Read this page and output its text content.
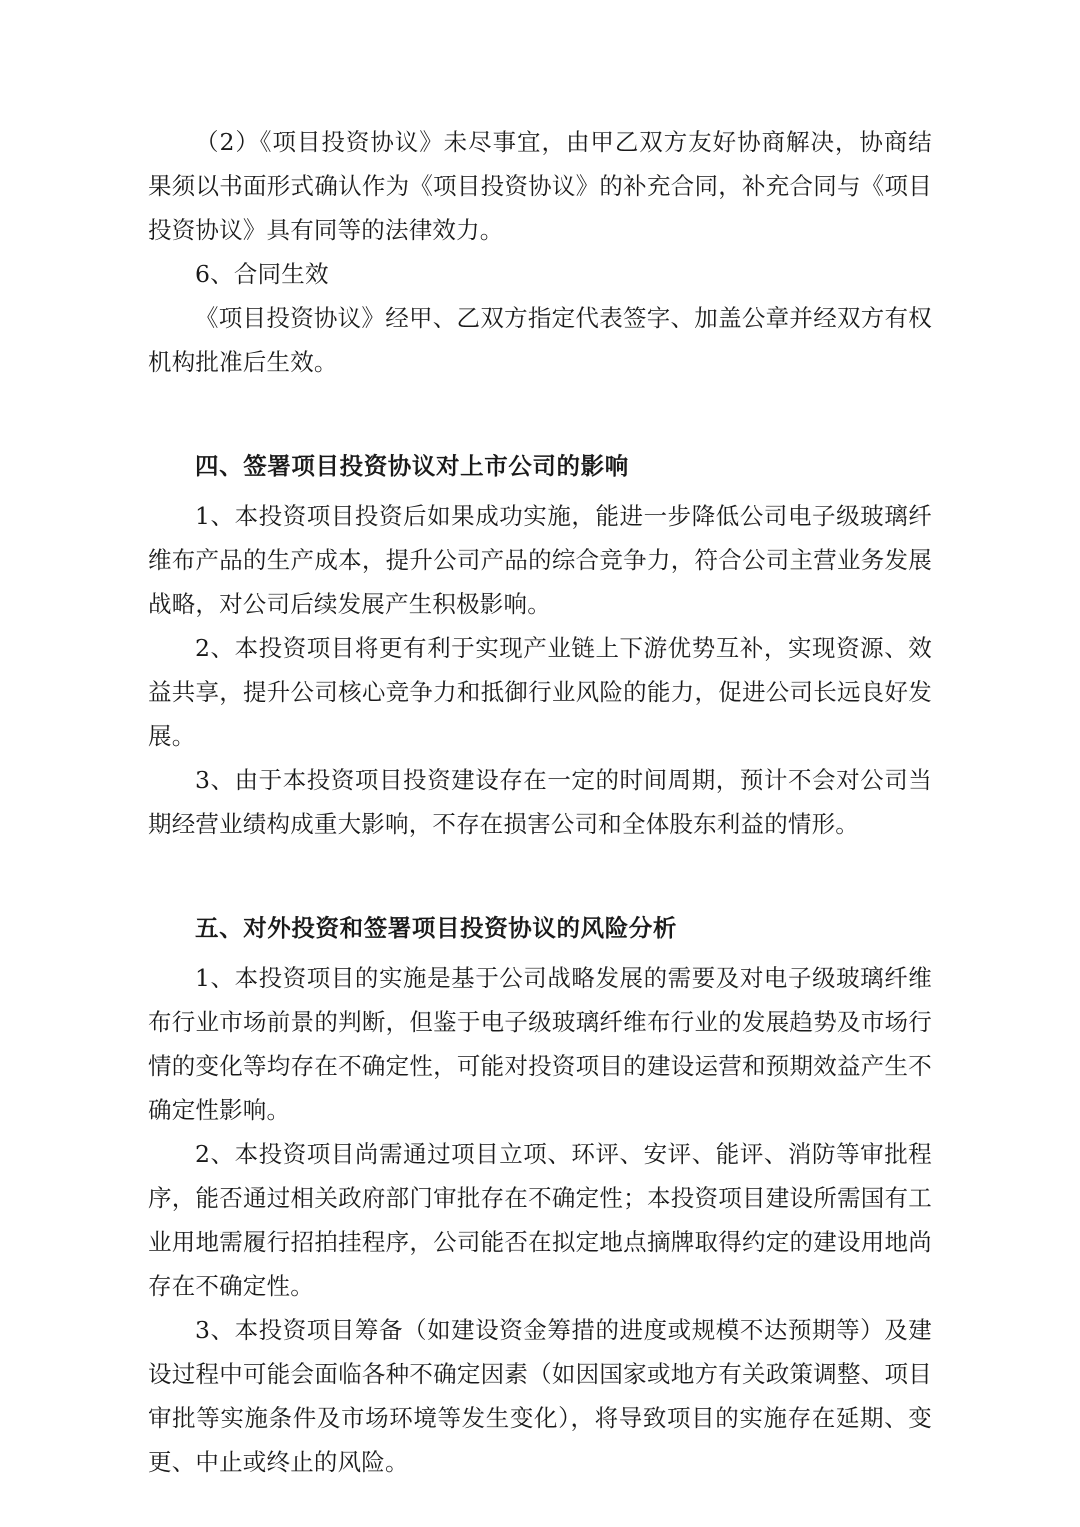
（2）《项目投资协议》未尽事宜，由甲乙双方友好协商解决，协商结果须以书面形式确认作为《项目投资协议》的补充合同，补充合同与《项目投资协议》具有同等的法律效力。
6、合同生效
《项目投资协议》经甲、乙双方指定代表签字、加盖公章并经双方有权机构批准后生效。
四、签署项目投资协议对上市公司的影响
1、本投资项目投资后如果成功实施，能进一步降低公司电子级玻璃纤维布产品的生产成本，提升公司产品的综合竞争力，符合公司主营业务发展战略，对公司后续发展产生积极影响。
2、本投资项目将更有利于实现产业链上下游优势互补，实现资源、效益共享，提升公司核心竞争力和抵御行业风险的能力，促进公司长远良好发展。
3、由于本投资项目投资建设存在一定的时间周期，预计不会对公司当期经营业绩构成重大影响，不存在损害公司和全体股东利益的情形。
五、对外投资和签署项目投资协议的风险分析
1、本投资项目的实施是基于公司战略发展的需要及对电子级玻璃纤维布行业市场前景的判断，但鉴于电子级玻璃纤维布行业的发展趋势及市场行情的变化等均存在不确定性，可能对投资项目的建设运营和预期效益产生不确定性影响。
2、本投资项目尚需通过项目立项、环评、安评、能评、消防等审批程序，能否通过相关政府部门审批存在不确定性；本投资项目建设所需国有工业用地需履行招拍挂程序，公司能否在拟定地点摘牌取得约定的建设用地尚存在不确定性。
3、本投资项目筹备（如建设资金筹措的进度或规模不达预期等）及建设过程中可能会面临各种不确定因素（如因国家或地方有关政策调整、项目审批等实施条件及市场环境等发生变化），将导致项目的实施存在延期、变更、中止或终止的风险。
